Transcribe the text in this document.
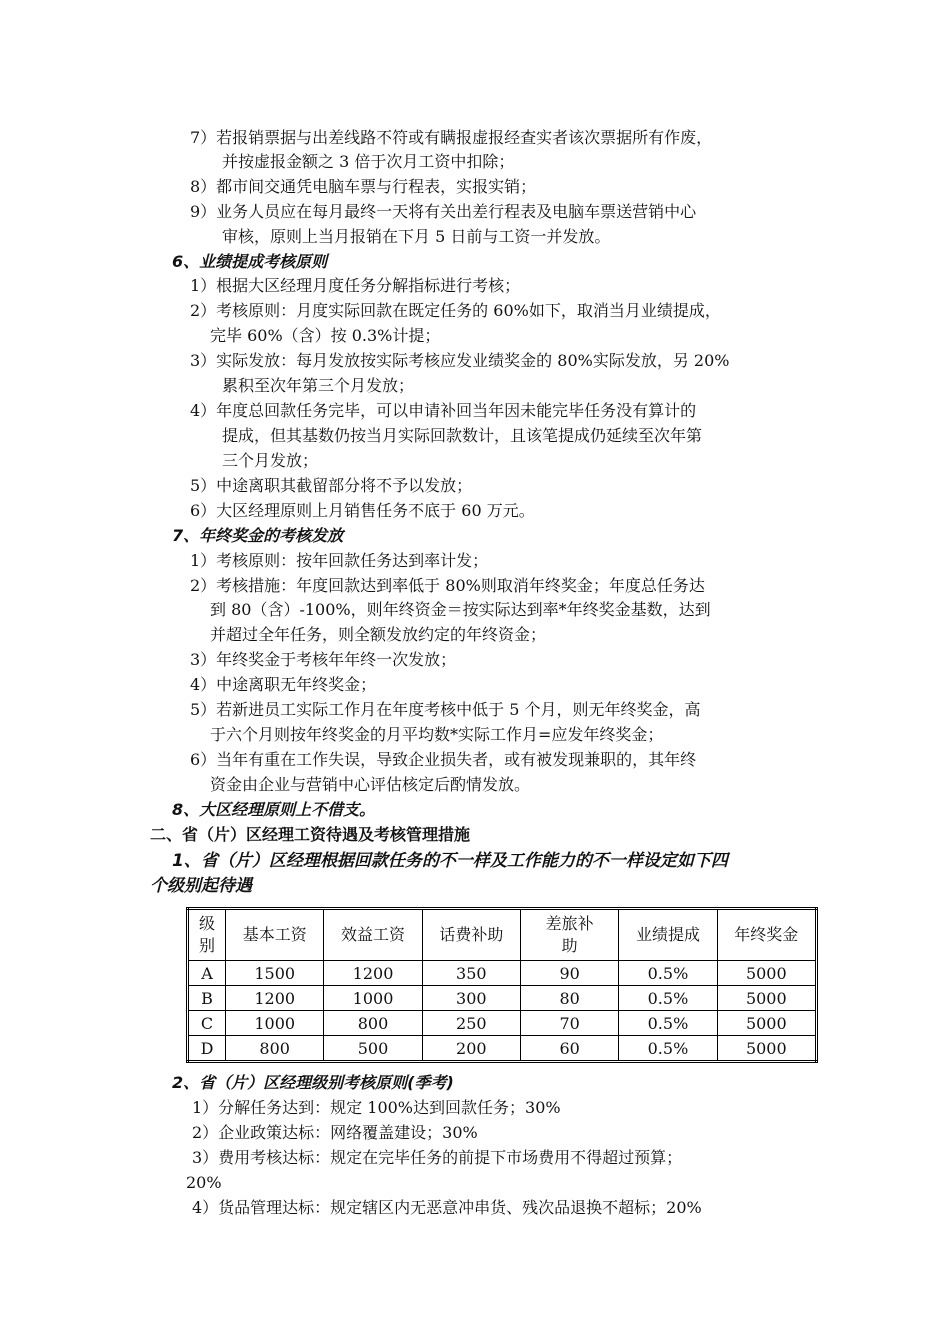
7）若报销票据与出差线路不符或有瞒报虚报经查实者该次票据所有作废，
并按虚报金额之 3 倍于次月工资中扣除；
8）都市间交通凭电脑车票与行程表，实报实销；
9）业务人员应在每月最终一天将有关出差行程表及电脑车票送营销中心
审核，原则上当月报销在下月 5 日前与工资一并发放。
6、业绩提成考核原则
1）根据大区经理月度任务分解指标进行考核；
2）考核原则：月度实际回款在既定任务的 60%如下，取消当月业绩提成，
完毕 60%（含）按 0.3%计提；
3）实际发放：每月发放按实际考核应发业绩奖金的 80%实际发放，另 20%
累积至次年第三个月发放；
4）年度总回款任务完毕，可以申请补回当年因未能完毕任务没有算计的
提成，但其基数仍按当月实际回款数计，且该笔提成仍延续至次年第
三个月发放；
5）中途离职其截留部分将不予以发放；
6）大区经理原则上月销售任务不底于 60 万元。
7、年终奖金的考核发放
1）考核原则：按年回款任务达到率计发；
2）考核措施：年度回款达到率低于 80%则取消年终奖金；年度总任务达
到 80（含）-100%，则年终资金＝按实际达到率*年终奖金基数，达到
并超过全年任务，则全额发放约定的年终资金；
3）年终奖金于考核年年终一次发放；
4）中途离职无年终奖金；
5）若新进员工实际工作月在年度考核中低于 5 个月，则无年终奖金，高
于六个月则按年终奖金的月平均数*实际工作月=应发年终奖金；
6）当年有重在工作失误，导致企业损失者，或有被发现兼职的，其年终
资金由企业与营销中心评估核定后酌情发放。
8、大区经理原则上不借支。
二、省（片）区经理工资待遇及考核管理措施
1、省（片）区经理根据回款任务的不一样及工作能力的不一样设定如下四
个级别起待遇
级
别	基本工资	效益工资	话费补助	差旅补
助	业绩提成	年终奖金
A	1500	1200	350	90	0.5%	5000
B	1200	1000	300	80	0.5%	5000
C	1000	800	250	70	0.5%	5000
D	800	500	200	60	0.5%	5000
2、省（片）区经理级别考核原则(季考)
1）分解任务达到：规定 100%达到回款任务；30%
2）企业政策达标：网络覆盖建设；30%
3）费用考核达标：规定在完毕任务的前提下市场费用不得超过预算；
20%
4）货品管理达标：规定辖区内无恶意冲串货、残次品退换不超标；20%
